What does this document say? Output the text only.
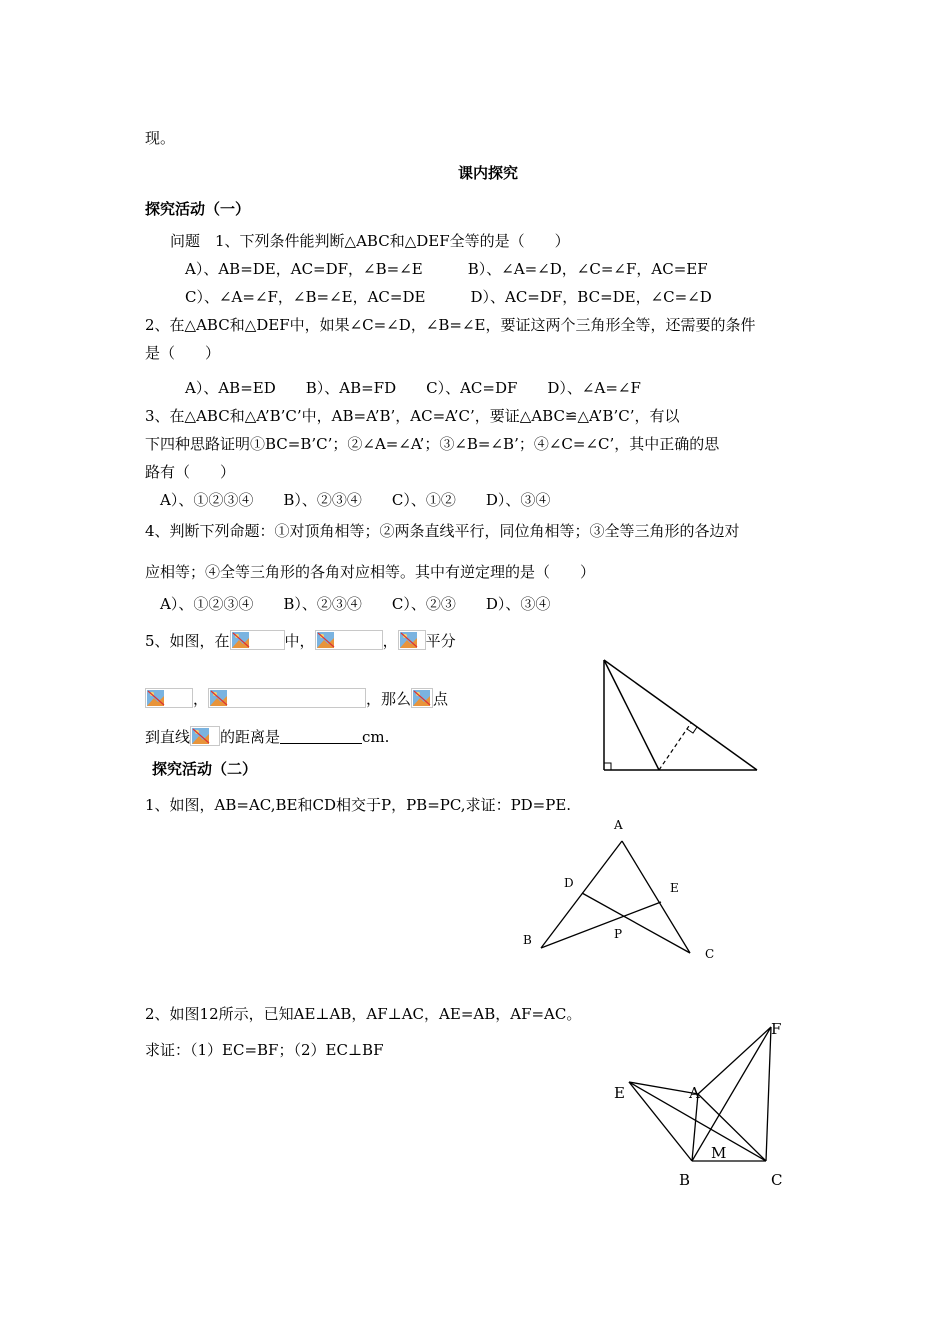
现。
课内探究
探究活动（一）
问题　1、下列条件能判断△ABC和△DEF全等的是（　　）
A）、AB=DE，AC=DF，∠B=∠E　　　B）、∠A=∠D，∠C=∠F，AC=EF
C）、∠A=∠F，∠B=∠E，AC=DE　　　D）、AC=DF，BC=DE，∠C=∠D
2、在△ABC和△DEF中，如果∠C=∠D，∠B=∠E，要证这两个三角形全等，还需要的条件
是（　　）
A）、AB=ED　　B）、AB=FD　　C）、AC=DF　　D）、∠A=∠F
3、在△ABC和△A’B’C’中，AB=A’B’，AC=A’C’，要证△ABC≌△A’B’C’，有以
下四种思路证明①BC=B’C’；②∠A=∠A’；③∠B=∠B’；④∠C=∠C’，其中正确的思
路有（　　）
A）、①②③④　　B）、②③④　　C）、①②　　D）、③④
4、判断下列命题：①对顶角相等；②两条直线平行，同位角相等；③全等三角形的各边对
应相等；④全等三角形的各角对应相等。其中有逆定理的是（　　）
A）、①②③④　　B）、②③④　　C）、②③　　D）、③④
5、如图，在	中，	， 平分
，	，那么 点
到直线 的距离是	cm.
探究活动（二）
1、如图，AB=AC,BE和CD相交于P，PB=PC,求证：PD=PE.
A
D	E
P
B
C
2、如图12所示，已知AE⊥AB，AF⊥AC，AE=AB，AF=AC。
求证：（1）EC=BF；（2）EC⊥BF
F
E	A
M
B	C
